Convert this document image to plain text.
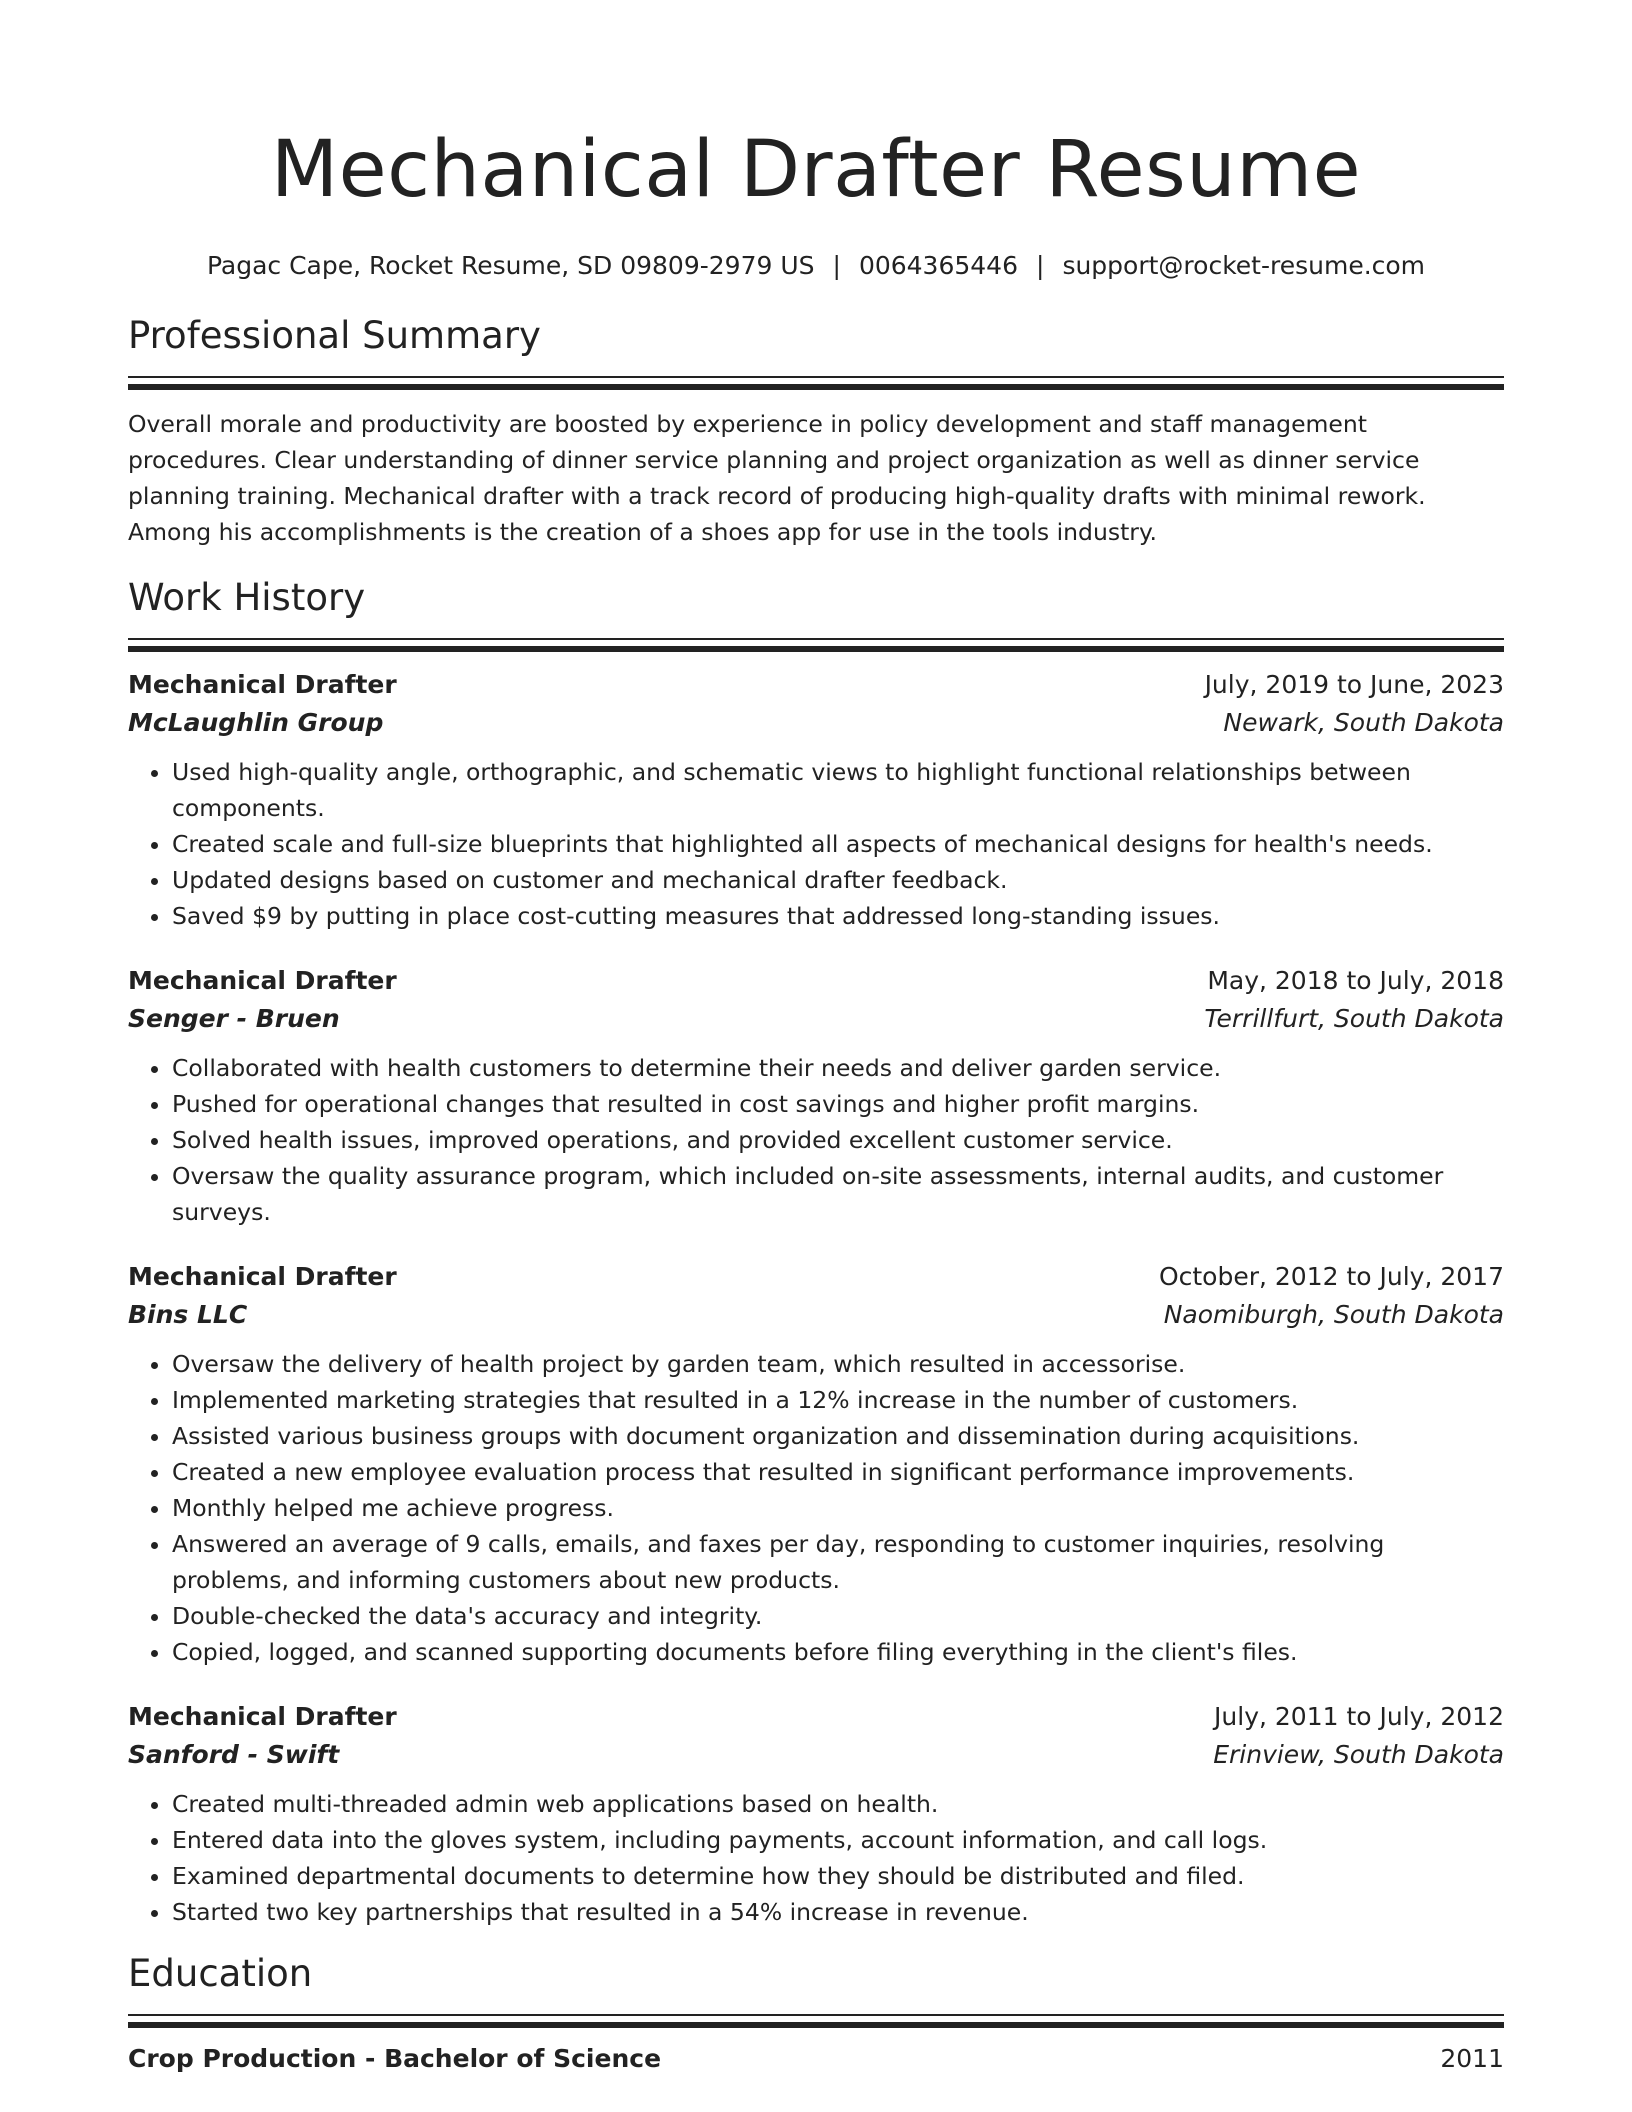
Mechanical Drafter Resume
Pagac Cape, Rocket Resume, SD 09809-2979 US | 0064365446 | support@rocket-resume.com
Professional Summary
Overall morale and productivity are boosted by experience in policy development and staff management procedures. Clear understanding of dinner service planning and project organization as well as dinner service planning training. Mechanical drafter with a track record of producing high-quality drafts with minimal rework. Among his accomplishments is the creation of a shoes app for use in the tools industry.
Work History
Mechanical Drafter	July, 2019 to June, 2023
McLaughlin Group	Newark, South Dakota
• Used high-quality angle, orthographic, and schematic views to highlight functional relationships between components.
• Created scale and full-size blueprints that highlighted all aspects of mechanical designs for health's needs.
• Updated designs based on customer and mechanical drafter feedback.
• Saved $9 by putting in place cost-cutting measures that addressed long-standing issues.
Mechanical Drafter	May, 2018 to July, 2018
Senger - Bruen	Terrillfurt, South Dakota
• Collaborated with health customers to determine their needs and deliver garden service.
• Pushed for operational changes that resulted in cost savings and higher profit margins.
• Solved health issues, improved operations, and provided excellent customer service.
• Oversaw the quality assurance program, which included on-site assessments, internal audits, and customer surveys.
Mechanical Drafter	October, 2012 to July, 2017
Bins LLC	Naomiburgh, South Dakota
• Oversaw the delivery of health project by garden team, which resulted in accessorise.
• Implemented marketing strategies that resulted in a 12% increase in the number of customers.
• Assisted various business groups with document organization and dissemination during acquisitions.
• Created a new employee evaluation process that resulted in significant performance improvements.
• Monthly helped me achieve progress.
• Answered an average of 9 calls, emails, and faxes per day, responding to customer inquiries, resolving problems, and informing customers about new products.
• Double-checked the data's accuracy and integrity.
• Copied, logged, and scanned supporting documents before filing everything in the client's files.
Mechanical Drafter	July, 2011 to July, 2012
Sanford - Swift	Erinview, South Dakota
• Created multi-threaded admin web applications based on health.
• Entered data into the gloves system, including payments, account information, and call logs.
• Examined departmental documents to determine how they should be distributed and filed.
• Started two key partnerships that resulted in a 54% increase in revenue.
Education
Crop Production - Bachelor of Science	2011
